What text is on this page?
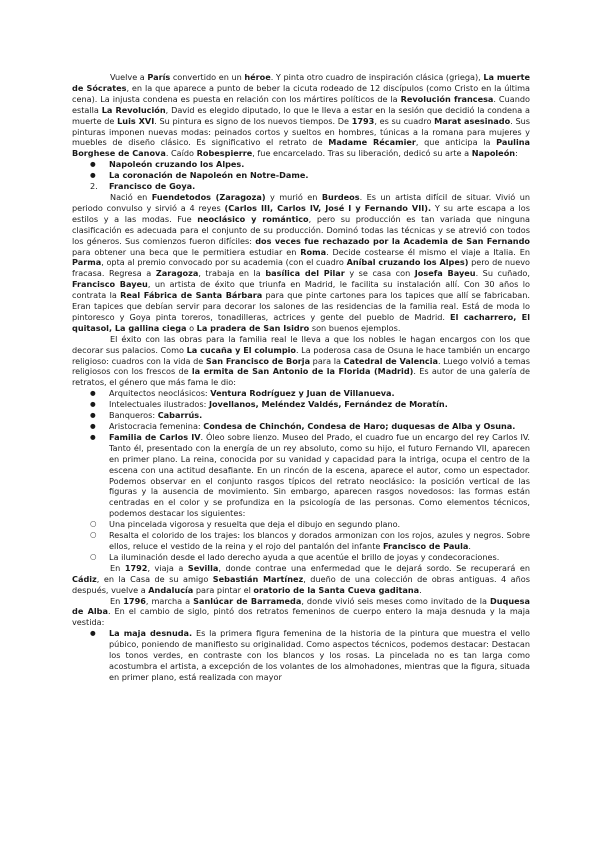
Vuelve a París convertido en un héroe. Y pinta otro cuadro de inspiración clásica (griega), La muerte de Sócrates, en la que aparece a punto de beber la cicuta rodeado de 12 discípulos (como Cristo en la última cena). La injusta condena es puesta en relación con los mártires políticos de la Revolución francesa. Cuando estalla La Revolución, David es elegido diputado, lo que le lleva a estar en la sesión que decidió la condena a muerte de Luis XVI. Su pintura es signo de los nuevos tiempos. De 1793, es su cuadro Marat asesinado. Sus pinturas imponen nuevas modas: peinados cortos y sueltos en hombres, túnicas a la romana para mujeres y muebles de diseño clásico. Es significativo el retrato de Madame Récamier, que anticipa la Paulina Borghese de Canova. Caído Robespierre, fue encarcelado. Tras su liberación, dedicó su arte a Napoleón:

● Napoleón cruzando los Alpes.
● La coronación de Napoleón en Notre-Dame.
2. Francisco de Goya.

Nació en Fuendetodos (Zaragoza) y murió en Burdeos. Es un artista difícil de situar. Vivió un periodo convulso y sirvió a 4 reyes (Carlos III, Carlos IV, José I y Fernando VII). Y su arte escapa a los estilos y a las modas. Fue neoclásico y romántico, pero su producción es tan variada que ninguna clasificación es adecuada para el conjunto de su producción. Dominó todas las técnicas y se atrevió con todos los géneros. Sus comienzos fueron difíciles: dos veces fue rechazado por la Academia de San Fernando para obtener una beca que le permitiera estudiar en Roma. Decide costearse él mismo el viaje a Italia. En Parma, opta al premio convocado por su academia (con el cuadro Aníbal cruzando los Alpes) pero de nuevo fracasa. Regresa a Zaragoza, trabaja en la basílica del Pilar y se casa con Josefa Bayeu. Su cuñado, Francisco Bayeu, un artista de éxito que triunfa en Madrid, le facilita su instalación allí. Con 30 años lo contrata la Real Fábrica de Santa Bárbara para que pinte cartones para los tapices que allí se fabricaban. Eran tapices que debían servir para decorar los salones de las residencias de la familia real. Está de moda lo pintoresco y Goya pinta toreros, tonadilleras, actrices y gente del pueblo de Madrid. El cacharrero, El quitasol, La gallina ciega o La pradera de San Isidro son buenos ejemplos.

El éxito con las obras para la familia real le lleva a que los nobles le hagan encargos con los que decorar sus palacios. Como La cucaña y El columpio. La poderosa casa de Osuna le hace también un encargo religioso: cuadros con la vida de San Francisco de Borja para la Catedral de Valencia. Luego volvió a temas religiosos con los frescos de la ermita de San Antonio de la Florida (Madrid). Es autor de una galería de retratos, el género que más fama le dio:

● Arquitectos neoclásicos: Ventura Rodríguez y Juan de Villanueva.
● Intelectuales ilustrados: Jovellanos, Meléndez Valdés, Fernández de Moratín.
● Banqueros: Cabarrús.
● Aristocracia femenina: Condesa de Chinchón, Condesa de Haro; duquesas de Alba y Osuna.
● Familia de Carlos IV. Óleo sobre lienzo. Museo del Prado, el cuadro fue un encargo del rey Carlos IV. Tanto él, presentado con la energía de un rey absoluto, como su hijo, el futuro Fernando VII, aparecen en primer plano. La reina, conocida por su vanidad y capacidad para la intriga, ocupa el centro de la escena con una actitud desafiante. En un rincón de la escena, aparece el autor, como un espectador. Podemos observar en el conjunto rasgos típicos del retrato neoclásico: la posición vertical de las figuras y la ausencia de movimiento. Sin embargo, aparecen rasgos novedosos: las formas están centradas en el color y se profundiza en la psicología de las personas. Como elementos técnicos, podemos destacar los siguientes:
○ Una pincelada vigorosa y resuelta que deja el dibujo en segundo plano.
○ Resalta el colorido de los trajes: los blancos y dorados armonizan con los rojos, azules y negros. Sobre ellos, reluce el vestido de la reina y el rojo del pantalón del infante Francisco de Paula.
○ La iluminación desde el lado derecho ayuda a que acentúe el brillo de joyas y condecoraciones.

En 1792, viaja a Sevilla, donde contrae una enfermedad que le dejará sordo. Se recuperará en Cádiz, en la Casa de su amigo Sebastián Martínez, dueño de una colección de obras antiguas. 4 años después, vuelve a Andalucía para pintar el oratorio de la Santa Cueva gaditana.

En 1796, marcha a Sanlúcar de Barrameda, donde vivió seis meses como invitado de la Duquesa de Alba. En el cambio de siglo, pintó dos retratos femeninos de cuerpo entero la maja desnuda y la maja vestida:

● La maja desnuda. Es la primera figura femenina de la historia de la pintura que muestra el vello púbico, poniendo de manifiesto su originalidad. Como aspectos técnicos, podemos destacar: Destacan los tonos verdes, en contraste con los blancos y los rosas. La pincelada no es tan larga como acostumbra el artista, a excepción de los volantes de los almohadones, mientras que la figura, situada en primer plano, está realizada con mayor
